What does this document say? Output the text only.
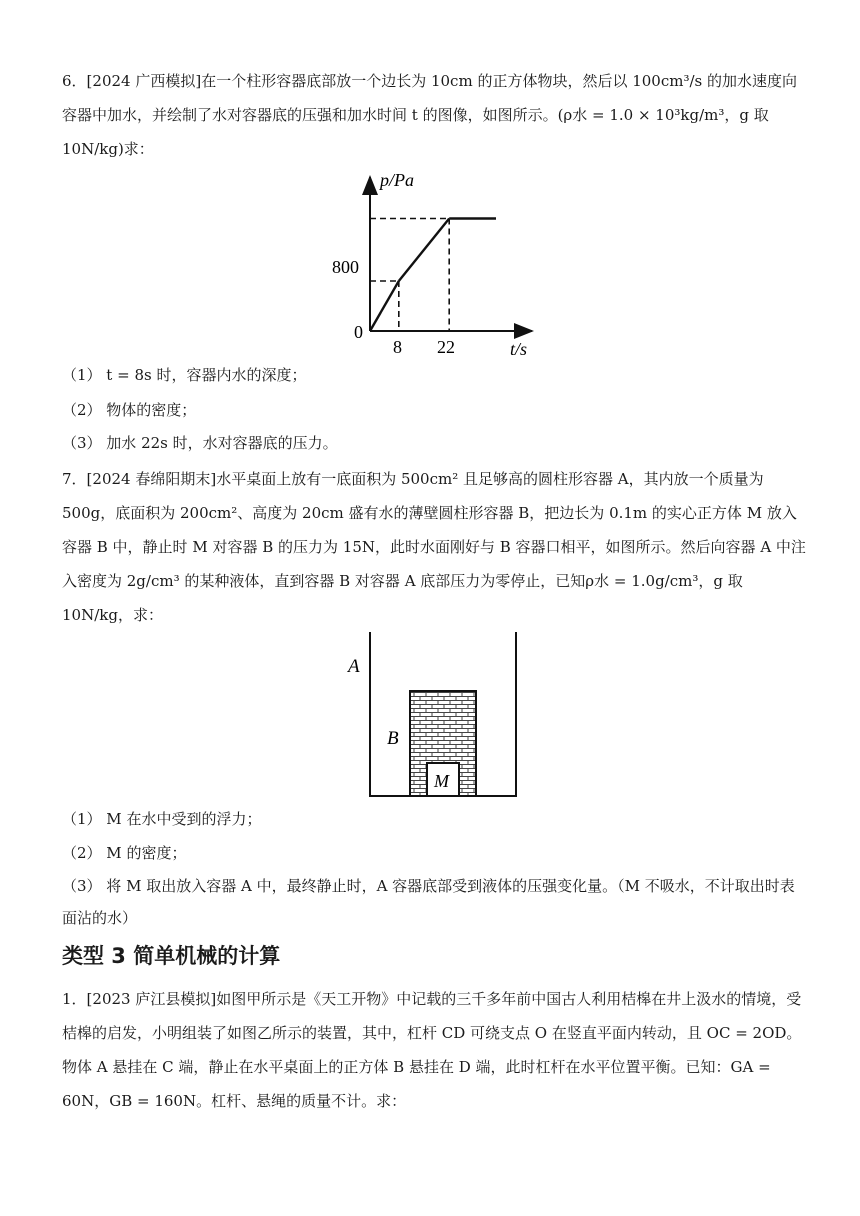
6．[2024 广西模拟]在一个柱形容器底部放一个边长为 10cm 的正方体物块，然后以 100cm³/s 的加水速度向容器中加水，并绘制了水对容器底的压强和加水时间 t 的图像，如图所示。(ρ水 = 1.0 × 10³kg/m³，g 取 10N/kg)求：

p/Pa
t/s
0
800
8 22

（1） t = 8s 时，容器内水的深度；

（2） 物体的密度；

（3） 加水 22s 时，水对容器底的压力。

7．[2024 春绵阳期末]水平桌面上放有一底面积为 500cm² 且足够高的圆柱形容器 A，其内放一个质量为 500g，底面积为 200cm²、高度为 20cm 盛有水的薄壁圆柱形容器 B，把边长为 0.1m 的实心正方体 M 放入容器 B 中，静止时 M 对容器 B 的压力为 15N，此时水面刚好与 B 容器口相平，如图所示。然后向容器 A 中注入密度为 2g/cm³ 的某种液体，直到容器 B 对容器 A 底部压力为零停止，已知ρ水 = 1.0g/cm³，g 取 10N/kg，求：

A
B
M

（1） M 在水中受到的浮力；

（2） M 的密度；

（3） 将 M 取出放入容器 A 中，最终静止时，A 容器底部受到液体的压强变化量。（M 不吸水，不计取出时表面沾的水）

类型 3 简单机械的计算

1．[2023 庐江县模拟]如图甲所示是《天工开物》中记载的三千多年前中国古人利用桔槔在井上汲水的情境，受桔槔的启发，小明组装了如图乙所示的装置，其中，杠杆 CD 可绕支点 O 在竖直平面内转动，且 OC = 2OD。物体 A 悬挂在 C 端，静止在水平桌面上的正方体 B 悬挂在 D 端，此时杠杆在水平位置平衡。已知：GA = 60N，GB = 160N。杠杆、悬绳的质量不计。求：
